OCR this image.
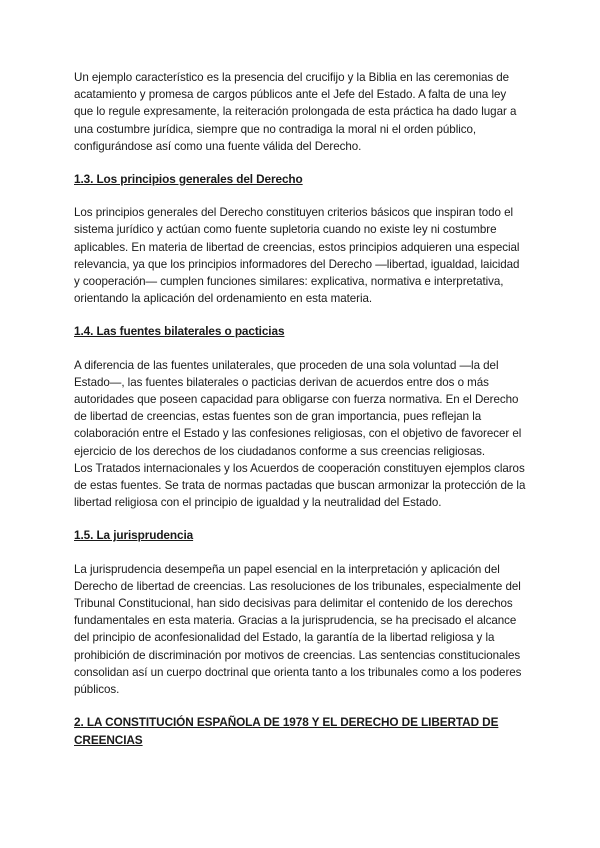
Un ejemplo característico es la presencia del crucifijo y la Biblia en las ceremonias de acatamiento y promesa de cargos públicos ante el Jefe del Estado. A falta de una ley que lo regule expresamente, la reiteración prolongada de esta práctica ha dado lugar a una costumbre jurídica, siempre que no contradiga la moral ni el orden público, configurándose así como una fuente válida del Derecho.

1.3. Los principios generales del Derecho

Los principios generales del Derecho constituyen criterios básicos que inspiran todo el sistema jurídico y actúan como fuente supletoria cuando no existe ley ni costumbre aplicables. En materia de libertad de creencias, estos principios adquieren una especial relevancia, ya que los principios informadores del Derecho —libertad, igualdad, laicidad y cooperación— cumplen funciones similares: explicativa, normativa e interpretativa, orientando la aplicación del ordenamiento en esta materia.

1.4. Las fuentes bilaterales o pacticias

A diferencia de las fuentes unilaterales, que proceden de una sola voluntad —la del Estado—, las fuentes bilaterales o pacticias derivan de acuerdos entre dos o más autoridades que poseen capacidad para obligarse con fuerza normativa. En el Derecho de libertad de creencias, estas fuentes son de gran importancia, pues reflejan la colaboración entre el Estado y las confesiones religiosas, con el objetivo de favorecer el ejercicio de los derechos de los ciudadanos conforme a sus creencias religiosas.

Los Tratados internacionales y los Acuerdos de cooperación constituyen ejemplos claros de estas fuentes. Se trata de normas pactadas que buscan armonizar la protección de la libertad religiosa con el principio de igualdad y la neutralidad del Estado.

1.5. La jurisprudencia

La jurisprudencia desempeña un papel esencial en la interpretación y aplicación del Derecho de libertad de creencias. Las resoluciones de los tribunales, especialmente del Tribunal Constitucional, han sido decisivas para delimitar el contenido de los derechos fundamentales en esta materia. Gracias a la jurisprudencia, se ha precisado el alcance del principio de aconfesionalidad del Estado, la garantía de la libertad religiosa y la prohibición de discriminación por motivos de creencias. Las sentencias constitucionales consolidan así un cuerpo doctrinal que orienta tanto a los tribunales como a los poderes públicos.

2. LA CONSTITUCIÓN ESPAÑOLA DE 1978 Y EL DERECHO DE LIBERTAD DE CREENCIAS
